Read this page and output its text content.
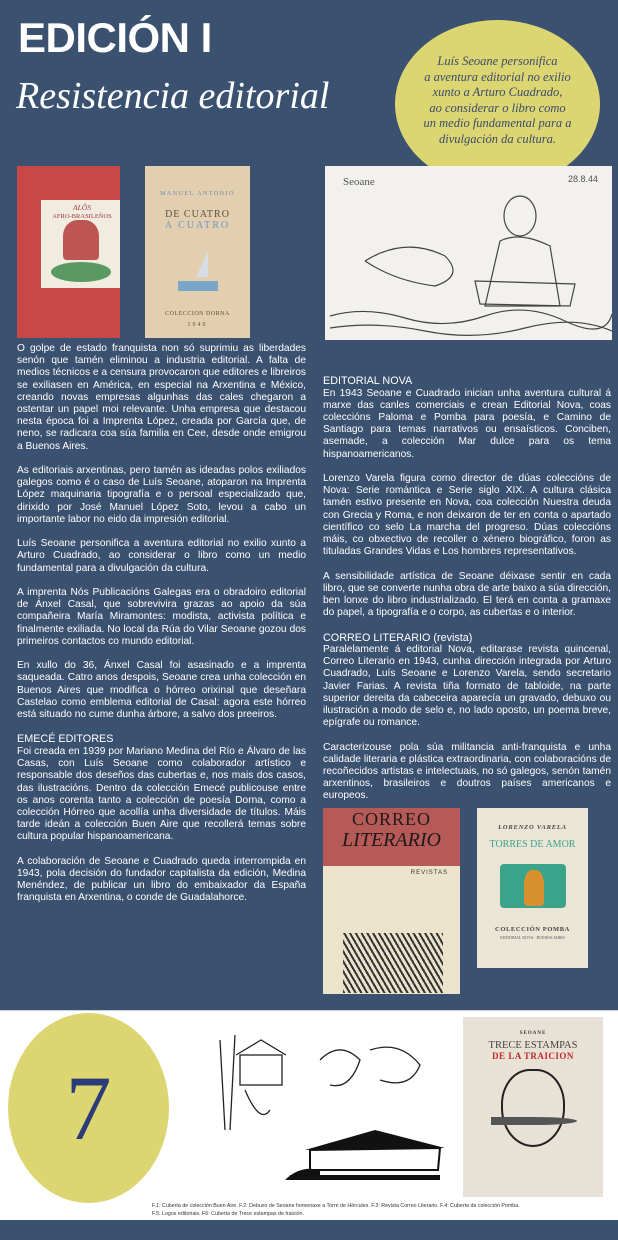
EDICIÓN I
Resistencia editorial
Luís Seoane personifica
a aventura editorial no exilio
xunto a Arturo Cuadrado,
ao considerar o libro como
un medio fundamental para a
divulgación da cultura.
ALÔS
AFRO-BRASILEÑOS
MANUEL ANTONIO
DE CUATRO
A CUATRO
COLECCION DORNA
1940
Seoane	28.8.44

O golpe de estado franquista non só suprimiu as liberdades senón que tamén eliminou a industria editorial. A falta de medios técnicos e a censura provocaron que editores e libreiros se exiliasen en América, en especial na Arxentina e México, creando novas empresas algunhas das cales chegaron a ostentar un papel moi relevante. Unha empresa que destacou nesta época foi a Imprenta López, creada por García que, de neno, se radicara coa súa familia en Cee, desde onde emigrou a Buenos Aires.

As editoriais arxentinas, pero tamén as ideadas polos exiliados galegos como é o caso de Luís Seoane, atoparon na Imprenta López maquinaria tipografía e o persoal especializado que, dirixido por José Manuel López Soto, levou a cabo un importante labor no eido da impresión editorial.

Luís Seoane personifica a aventura editorial no exilio xunto a Arturo Cuadrado, ao considerar o libro como un medio fundamental para a divulgación da cultura.

A imprenta Nós Publicacións Galegas era o obradoiro editorial de Ánxel Casal, que sobrevivira grazas ao apoio da súa compañeira María Miramontes: modista, activista política e finalmente exiliada. No local da Rúa do Vilar Seoane gozou dos primeiros contactos co mundo editorial.

En xullo do 36, Ánxel Casal foi asasinado e a imprenta saqueada. Catro anos despois, Seoane crea unha colección en Buenos Aires que modifica o hórreo orixinal que deseñara Castelao como emblema editorial de Casal: agora este hórreo está situado no cume dunha árbore, a salvo dos preeiros.

EMECÉ EDITORES

Foi creada en 1939 por Mariano Medina del Río e Álvaro de las Casas, con Luís Seoane como colaborador artístico e responsable dos deseños das cubertas e, nos mais dos casos, das ilustracións. Dentro da colección Emecé publicouse entre os anos corenta tanto a colección de poesía Dorna, como a colección Hórreo que acollía unha diversidade de títulos. Máis tarde ideán a colección Buen Aire que recollerá temas sobre cultura popular hispanoamericana.

A colaboración de Seoane e Cuadrado queda interrompida en 1943, pola decisión do fundador capitalista da edición, Medina Menéndez, de publicar un libro do embaixador da España franquista en Arxentina, o conde de Guadalahorce.

EDITORIAL NOVA

En 1943 Seoane e Cuadrado inician unha aventura cultural á marxe das canles comerciais e crean Editorial Nova, coas coleccións Paloma e Pomba para poesía, e Camino de Santiago para temas narrativos ou ensaísticos. Conciben, asemade, a colección Mar dulce para os tema hispanoamericanos.

Lorenzo Varela figura como director de dúas coleccións de Nova: Serie romántica e Serie siglo XIX. A cultura clásica tamén estivo presente en Nova, coa colección Nuestra deuda con Grecia y Roma, e non deixaron de ter en conta o apartado científico co selo La marcha del progreso. Dúas coleccións máis, co obxectivo de recoller o xénero biográfico, foron as tituladas Grandes Vidas e Los hombres representativos.

A sensibilidade artística de Seoane déixase sentir en cada libro, que se converte nunha obra de arte baixo a súa dirección, ben lonxe do libro industrializado. El terá en conta a gramaxe do papel, a tipografía e o corpo, as cubertas e o interior.

CORREO LITERARIO (revista)

Paralelamente á editorial Nova, editarase revista quincenal, Correo Literario en 1943, cunha dirección integrada por Arturo Cuadrado, Luís Seoane e Lorenzo Varela, sendo secretario Javier Farias. A revista tiña formato de tabloide, na parte superior dereita da cabeceira aparecía un gravado, debuxo ou ilustración a modo de selo e, no lado oposto, un poema breve, epígrafe ou romance.

Caracterizouse pola súa militancia anti-franquista e unha calidade literaria e plástica extraordinaria, con colaboracións de recoñecidos artistas e intelectuais, no só galegos, senón tamén arxentinos, brasileiros e doutros países americanos e europeos.

CORREO
LITERARIO
REVISTAS
LORENZO VARELA
TORRES DE AMOR
COLECCIÓN POMBA
EDITORIAL NOVA · BUENOS AIRES
7
SEOANE
TRECE ESTAMPAS
DE LA TRAICION
F.1: Cuberta de colección Buen Aire. F.2: Debuxo de Seoane homenaxe a Torre de Hércules. F.3: Revista Correo Literario. F.4: Cuberta da colección Pomba.
F.5: Logos editoriais. F6: Cuberta de Trece estampas de traición.
